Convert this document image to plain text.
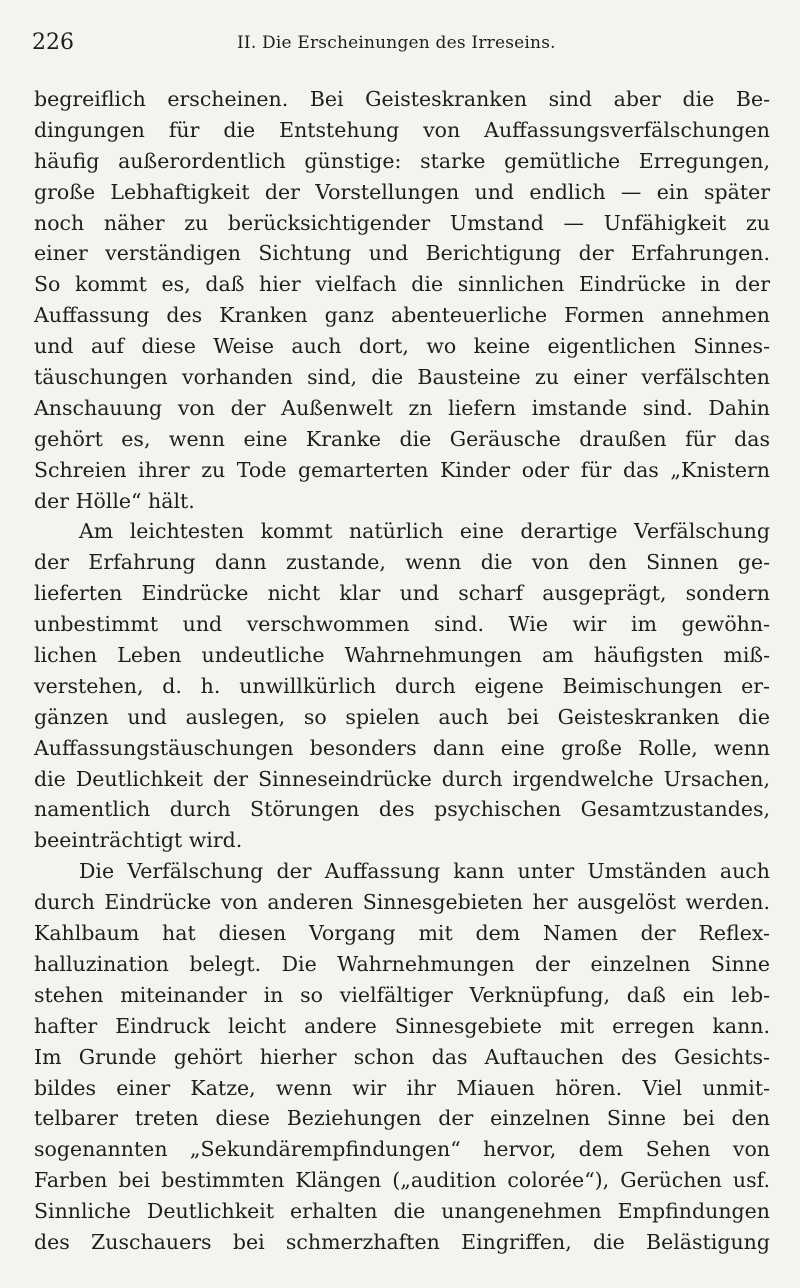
226	II. Die Erscheinungen des Irreseins.
begreiflich erscheinen. Bei Geisteskranken sind aber die Be-
dingungen für die Entstehung von Auffassungsverfälschungen
häufig außerordentlich günstige: starke gemütliche Erregungen,
große Lebhaftigkeit der Vorstellungen und endlich — ein später
noch näher zu berücksichtigender Umstand — Unfähigkeit zu
einer verständigen Sichtung und Berichtigung der Erfahrungen.
So kommt es, daß hier vielfach die sinnlichen Eindrücke in der
Auffassung des Kranken ganz abenteuerliche Formen annehmen
und auf diese Weise auch dort, wo keine eigentlichen Sinnes-
täuschungen vorhanden sind, die Bausteine zu einer verfälschten
Anschauung von der Außenwelt zn liefern imstande sind. Dahin
gehört es, wenn eine Kranke die Geräusche draußen für das
Schreien ihrer zu Tode gemarterten Kinder oder für das „Knistern
der Hölle“ hält.
Am leichtesten kommt natürlich eine derartige Verfälschung
der Erfahrung dann zustande, wenn die von den Sinnen ge-
lieferten Eindrücke nicht klar und scharf ausgeprägt, sondern
unbestimmt und verschwommen sind. Wie wir im gewöhn-
lichen Leben undeutliche Wahrnehmungen am häufigsten miß-
verstehen, d. h. unwillkürlich durch eigene Beimischungen er-
gänzen und auslegen, so spielen auch bei Geisteskranken die
Auffassungstäuschungen besonders dann eine große Rolle, wenn
die Deutlichkeit der Sinneseindrücke durch irgendwelche Ursachen,
namentlich durch Störungen des psychischen Gesamtzustandes,
beeinträchtigt wird.
Die Verfälschung der Auffassung kann unter Umständen auch
durch Eindrücke von anderen Sinnesgebieten her ausgelöst werden.
Kahlbaum hat diesen Vorgang mit dem Namen der Reflex-
halluzination belegt. Die Wahrnehmungen der einzelnen Sinne
stehen miteinander in so vielfältiger Verknüpfung, daß ein leb-
hafter Eindruck leicht andere Sinnesgebiete mit erregen kann.
Im Grunde gehört hierher schon das Auftauchen des Gesichts-
bildes einer Katze, wenn wir ihr Miauen hören. Viel unmit-
telbarer treten diese Beziehungen der einzelnen Sinne bei den
sogenannten „Sekundärempfindungen“ hervor, dem Sehen von
Farben bei bestimmten Klängen („audition colorée“), Gerüchen usf.
Sinnliche Deutlichkeit erhalten die unangenehmen Empfindungen
des Zuschauers bei schmerzhaften Eingriffen, die Belästigung
